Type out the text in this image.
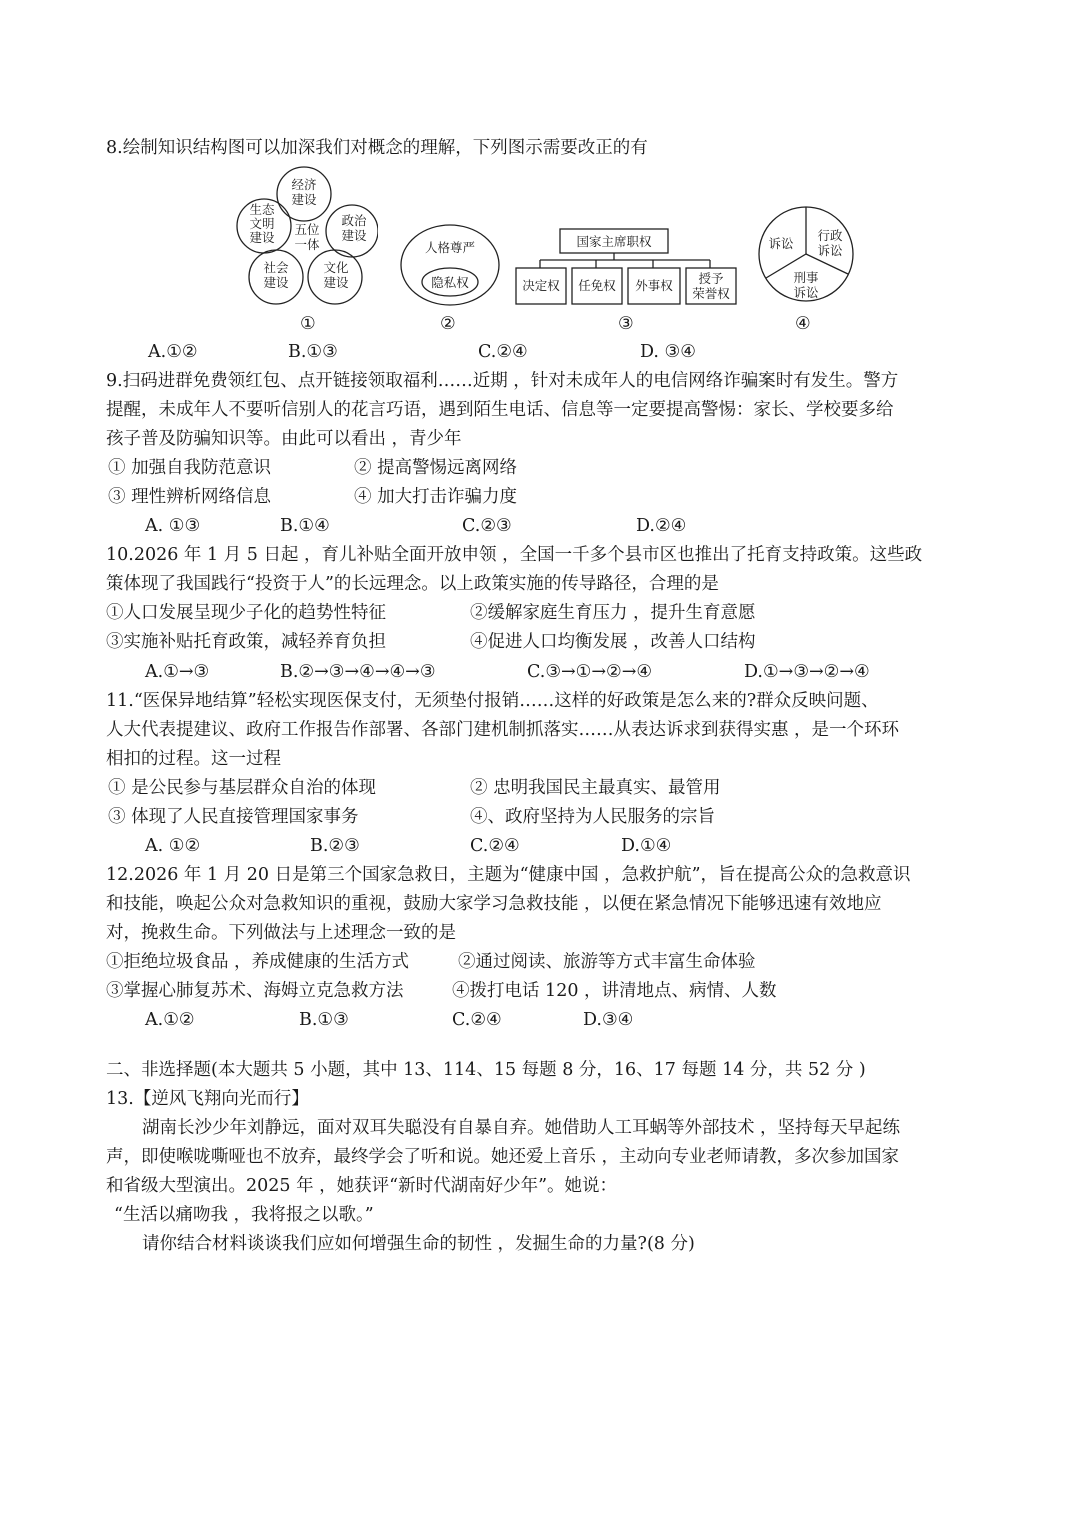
8.绘制知识结构图可以加深我们对概念的理解，下列图示需要改正的有
经济
建设
政治
建设
生态
文明
建设
五位
一体
社会
建设
文化
建设
①
人格尊严
隐私权
②
国家主席职权
决定权 任免权 外事权 授予
荣誉权
③
诉讼
行政
诉讼
刑事
诉讼
④
A.①②	B.①③	C.②④	D. ③④
9.扫码进群免费领红包、点开链接领取福利……近期 ，针对未成年人的电信网络诈骗案时有发生。警方
提醒，未成年人不要听信别人的花言巧语，遇到陌生电话、信息等一定要提高警惕：家长、学校要多给
孩子普及防骗知识等。由此可以看出 ，青少年
① 加强自我防范意识	② 提高警惕远离网络
③ 理性辨析网络信息	④ 加大打击诈骗力度
A. ①③	B.①④	C.②③	D.②④
10.2026 年 1 月 5 日起 ，育儿补贴全面开放申领 ，全国一千多个县市区也推出了托育支持政策。这些政
策体现了我国践行“投资于人”的长远理念。以上政策实施的传导路径，合理的是
①人口发展呈现少子化的趋势性特征	②缓解家庭生育压力 ，提升生育意愿
③实施补贴托育政策，减轻养育负担	④促进人口均衡发展 ，改善人口结构
A.①→③	B.②→③→④→④→③	C.③→①→②→④	D.①→③→②→④
11.“医保异地结算”轻松实现医保支付，无须垫付报销……这样的好政策是怎么来的?群众反映问题、
人大代表提建议、政府工作报告作部署、各部门建机制抓落实……从表达诉求到获得实惠 ，是一个环环
相扣的过程。这一过程
① 是公民参与基层群众自治的体现	② 忠明我国民主最真实、最管用
③ 体现了人民直接管理国家事务	④、政府坚持为人民服务的宗旨
A. ①②	B.②③	C.②④	D.①④
12.2026 年 1 月 20 日是第三个国家急救日，主题为“健康中国 ，急救护航”，旨在提高公众的急救意识
和技能，唤起公众对急救知识的重视，鼓励大家学习急救技能 ，以便在紧急情况下能够迅速有效地应
对，挽救生命。下列做法与上述理念一致的是
①拒绝垃圾食品 ，养成健康的生活方式	②通过阅读、旅游等方式丰富生命体验
③掌握心肺复苏术、海姆立克急救方法	④拨打电话 120 ，讲清地点、病情、人数
A.①②	B.①③	C.②④	D.③④
二、非选择题(本大题共 5 小题，其中 13、114、15 每题 8 分，16、17 每题 14 分，共 52 分 )
13.【逆风飞翔向光而行】
湖南长沙少年刘静远，面对双耳失聪没有自暴自弃。她借助人工耳蜗等外部技术 ，坚持每天早起练
声，即使喉咙嘶哑也不放弃，最终学会了听和说。她还爱上音乐 ，主动向专业老师请教，多次参加国家
和省级大型演出。2025 年 ，她获评“新时代湖南好少年”。她说：
“生活以痛吻我 ，我将报之以歌。”
请你结合材料谈谈我们应如何增强生命的韧性 ，发掘生命的力量?(8 分)
